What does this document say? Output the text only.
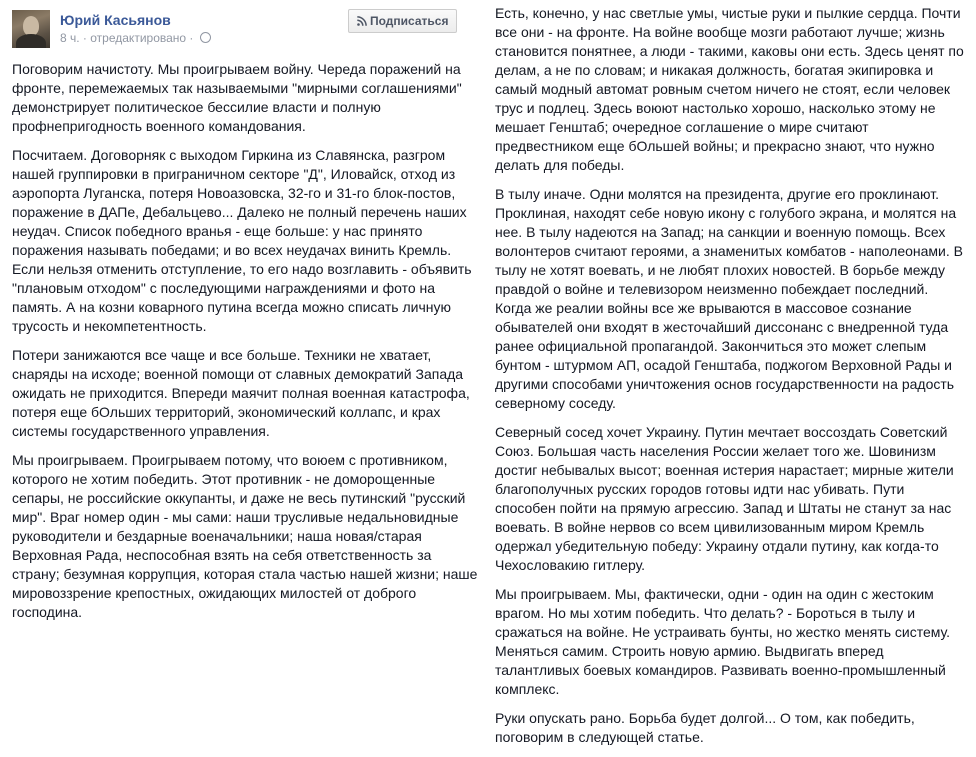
Юрий Касьянов
8 ч. · отредактировано ·
Подписаться

Поговорим начистоту. Мы проигрываем войну. Череда поражений на фронте, перемежаемых так называемыми "мирными соглашениями" демонстрирует политическое бессилие власти и полную профнепригодность военного командования.

Посчитаем. Договорняк с выходом Гиркина из Славянска, разгром нашей группировки в приграничном секторе "Д", Иловайск, отход из аэропорта Луганска, потеря Новоазовска, 32-го и 31-го блок-постов, поражение в ДАПе, Дебальцево... Далеко не полный перечень наших неудач. Список победного вранья - еще больше: у нас принято поражения называть победами; и во всех неудачах винить Кремль. Если нельзя отменить отступление, то его надо возглавить - объявить "плановым отходом" с последующими награждениями и фото на память. А на козни коварного путина всегда можно списать личную трусость и некомпетентность.

Потери занижаются все чаще и все больше. Техники не хватает, снаряды на исходе; военной помощи от славных демократий Запада ожидать не приходится. Впереди маячит полная военная катастрофа, потеря еще бОльших территорий, экономический коллапс, и крах системы государственного управления.

Мы проигрываем. Проигрываем потому, что воюем с противником, которого не хотим победить. Этот противник - не доморощенные сепары, не российские оккупанты, и даже не весь путинский "русский мир". Враг номер один - мы сами: наши трусливые недальновидные руководители и бездарные военачальники; наша новая/старая Верховная Рада, неспособная взять на себя ответственность за страну; безумная коррупция, которая стала частью нашей жизни; наше мировоззрение крепостных, ожидающих милостей от доброго господина.

Есть, конечно, у нас светлые умы, чистые руки и пылкие сердца. Почти все они - на фронте. На войне вообще мозги работают лучше; жизнь становится понятнее, а люди - такими, каковы они есть. Здесь ценят по делам, а не по словам; и никакая должность, богатая экипировка и самый модный автомат ровным счетом ничего не стоят, если человек трус и подлец. Здесь воюют настолько хорошо, насколько этому не мешает Генштаб; очередное соглашение о мире считают предвестником еще бОльшей войны; и прекрасно знают, что нужно делать для победы.

В тылу иначе. Одни молятся на президента, другие его проклинают. Проклиная, находят себе новую икону с голубого экрана, и молятся на нее. В тылу надеются на Запад; на санкции и военную помощь. Всех волонтеров считают героями, а знаменитых комбатов - наполеонами. В тылу не хотят воевать, и не любят плохих новостей. В борьбе между правдой о войне и телевизором неизменно побеждает последний. Когда же реалии войны все же врываются в массовое сознание обывателей они входят в жесточайший диссонанс с внедренной туда ранее официальной пропагандой. Закончиться это может слепым бунтом - штурмом АП, осадой Генштаба, поджогом Верховной Рады и другими способами уничтожения основ государственности на радость северному соседу.

Северный сосед хочет Украину. Путин мечтает воссоздать Советский Союз. Большая часть населения России желает того же. Шовинизм достиг небывалых высот; военная истерия нарастает; мирные жители благополучных русских городов готовы идти нас убивать. Пути способен пойти на прямую агрессию. Запад и Штаты не станут за нас воевать. В войне нервов со всем цивилизованным миром Кремль одержал убедительную победу: Украину отдали путину, как когда-то Чехословакию гитлеру.

Мы проигрываем. Мы, фактически, одни - один на один с жестоким врагом. Но мы хотим победить. Что делать? - Бороться в тылу и сражаться на войне. Не устраивать бунты, но жестко менять систему. Меняться самим. Строить новую армию. Выдвигать вперед талантливых боевых командиров. Развивать военно-промышленный комплекс.

Руки опускать рано. Борьба будет долгой... О том, как победить, поговорим в следующей статье.
